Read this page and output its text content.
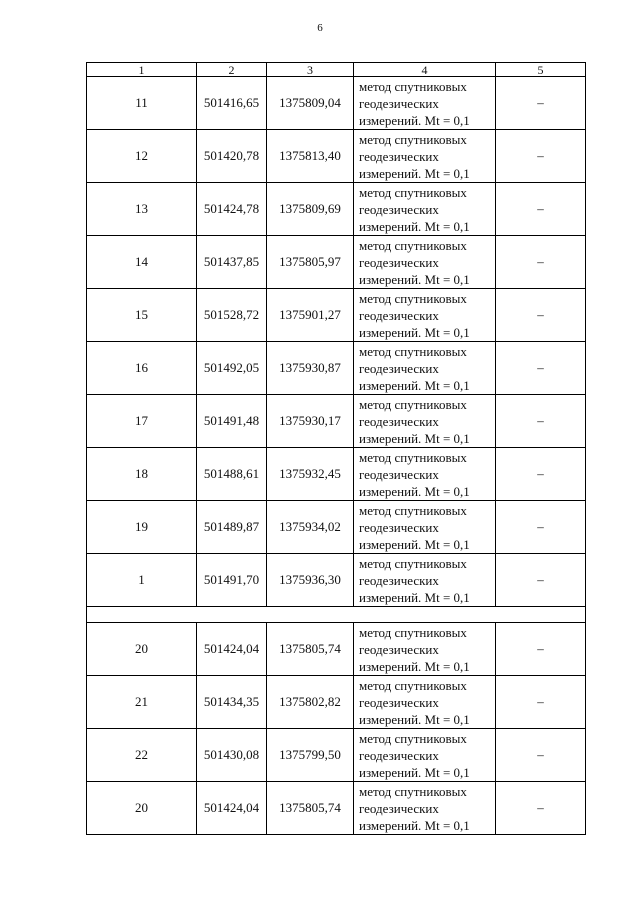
6
1	2	3	4	5
11	501416,65	1375809,04	метод спутниковых
геодезических
измерений. Mt = 0,1	–
12	501420,78	1375813,40	метод спутниковых
геодезических
измерений. Mt = 0,1	–
13	501424,78	1375809,69	метод спутниковых
геодезических
измерений. Mt = 0,1	–
14	501437,85	1375805,97	метод спутниковых
геодезических
измерений. Mt = 0,1	–
15	501528,72	1375901,27	метод спутниковых
геодезических
измерений. Mt = 0,1	–
16	501492,05	1375930,87	метод спутниковых
геодезических
измерений. Mt = 0,1	–
17	501491,48	1375930,17	метод спутниковых
геодезических
измерений. Mt = 0,1	–
18	501488,61	1375932,45	метод спутниковых
геодезических
измерений. Mt = 0,1	–
19	501489,87	1375934,02	метод спутниковых
геодезических
измерений. Mt = 0,1	–
1	501491,70	1375936,30	метод спутниковых
геодезических
измерений. Mt = 0,1	–

20	501424,04	1375805,74	метод спутниковых
геодезических
измерений. Mt = 0,1	–
21	501434,35	1375802,82	метод спутниковых
геодезических
измерений. Mt = 0,1	–
22	501430,08	1375799,50	метод спутниковых
геодезических
измерений. Mt = 0,1	–
20	501424,04	1375805,74	метод спутниковых
геодезических
измерений. Mt = 0,1	–
